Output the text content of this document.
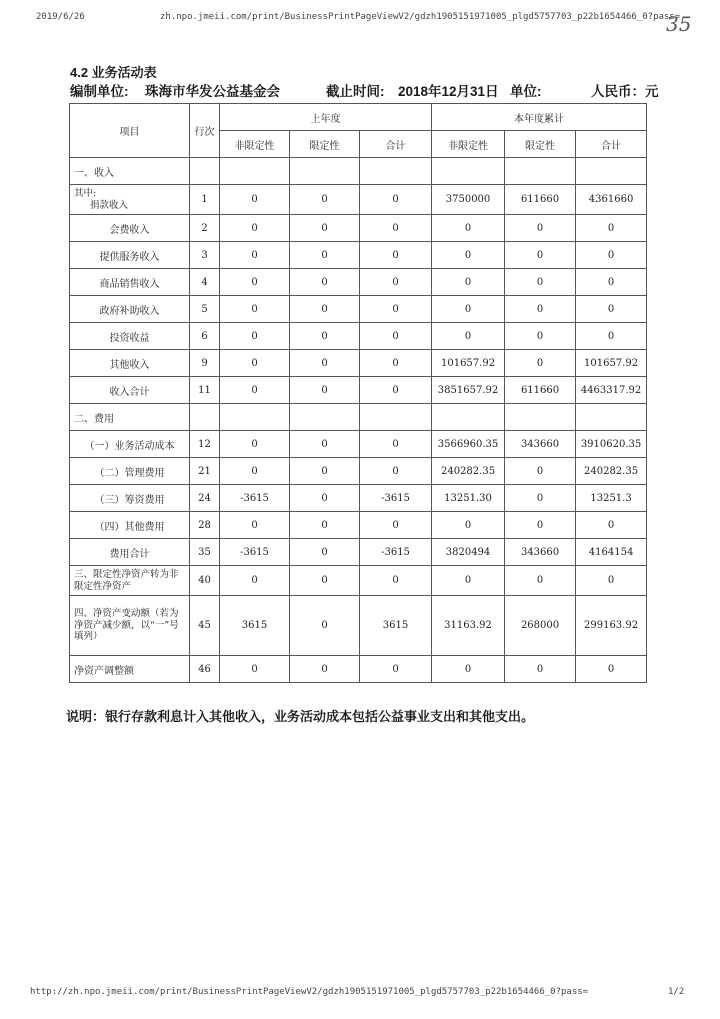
2019/6/26	zh.npo.jmeii.com/print/BusinessPrintPageViewV2/gdzh1905151971005_plgd5757703_p22b1654466_0?pass=
35
4.2 业务活动表
编制单位: 珠海市华发公益基金会	截止时间: 2018年12月31日 单位:	人民币：元
项目	行次	上年度			本年度累计		
		非限定性	限定性	合计	非限定性	限定性	合计
一、收入							
其中:
捐款收入	1	0	0	0	3750000	611660	4361660
会费收入	2	0	0	0	0	0	0
提供服务收入	3	0	0	0	0	0	0
商品销售收入	4	0	0	0	0	0	0
政府补助收入	5	0	0	0	0	0	0
投资收益	6	0	0	0	0	0	0
其他收入	9	0	0	0	101657.92	0	101657.92
收入合计	11	0	0	0	3851657.92	611660	4463317.92
二、费用							
（一）业务活动成本	12	0	0	0	3566960.35	343660	3910620.35
（二）管理费用	21	0	0	0	240282.35	0	240282.35
（三）筹资费用	24	-3615	0	-3615	13251.30	0	13251.3
（四）其他费用	28	0	0	0	0	0	0
费用合计	35	-3615	0	-3615	3820494	343660	4164154
三、限定性净资产转为非限定性净资产	40	0	0	0	0	0	0
四、净资产变动额（若为净资产减少额，以“一”号填列）	45	3615	0	3615	31163.92	268000	299163.92
净资产调整额	46	0	0	0	0	0	0
说明：银行存款利息计入其他收入，业务活动成本包括公益事业支出和其他支出。
http://zh.npo.jmeii.com/print/BusinessPrintPageViewV2/gdzh1905151971005_plgd5757703_p22b1654466_0?pass=	1/2
